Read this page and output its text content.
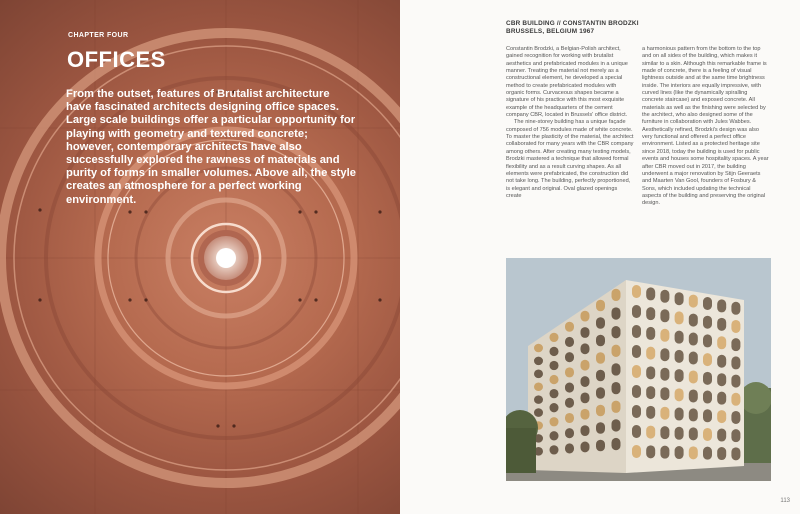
CHAPTER FOUR
OFFICES

From the outset, features of Brutalist architecture have fascinated architects designing office spaces. Large scale buildings offer a particular opportunity for playing with geometry and textured concrete; however, contemporary architects have also successfully explored the rawness of materials and purity of forms in smaller volumes. Above all, the style creates an atmosphere for a perfect working environment.

CBR BUILDING // CONSTANTIN BRODZKI
BRUSSELS, BELGIUM 1967

Constantin Brodzki, a Belgian-Polish architect, gained recognition for working with brutalist aesthetics and prefabricated modules in a unique manner. Treating the material not merely as a constructional element, he developed a special method to create prefabricated modules with organic forms. Curvaceous shapes became a signature of his practice with this most exquisite example of the headquarters of the cement company CBR, located in Brussels' office district.

The nine-storey building has a unique façade composed of 756 modules made of white concrete. To master the plasticity of the material, the architect collaborated for many years with the CBR company among others. After creating many testing models, Brodzki mastered a technique that allowed formal flexibility and as a result curving shapes. As all elements were prefabricated, the construction did not take long. The building, perfectly proportioned, is elegant and original. Oval glazed openings create

a harmonious pattern from the bottom to the top and on all sides of the building, which makes it similar to a skin. Although this remarkable frame is made of concrete, there is a feeling of visual lightness outside and at the same time brightness inside. The interiors are equally impressive, with curved lines (like the dynamically spiralling concrete staircase) and exposed concrete. All materials as well as the finishing were selected by the architect, who also designed some of the furniture in collaboration with Jules Wabbes. Aesthetically refined, Brodzki's design was also very functional and offered a perfect office environment. Listed as a protected heritage site since 2018, today the building is used for public events and houses some hospitality spaces. A year after CBR moved out in 2017, the building underwent a major renovation by Stijn Geeraets and Maarten Van Gool, founders of Fosbury & Sons, which included updating the technical aspects of the building and preserving the original design.

113
